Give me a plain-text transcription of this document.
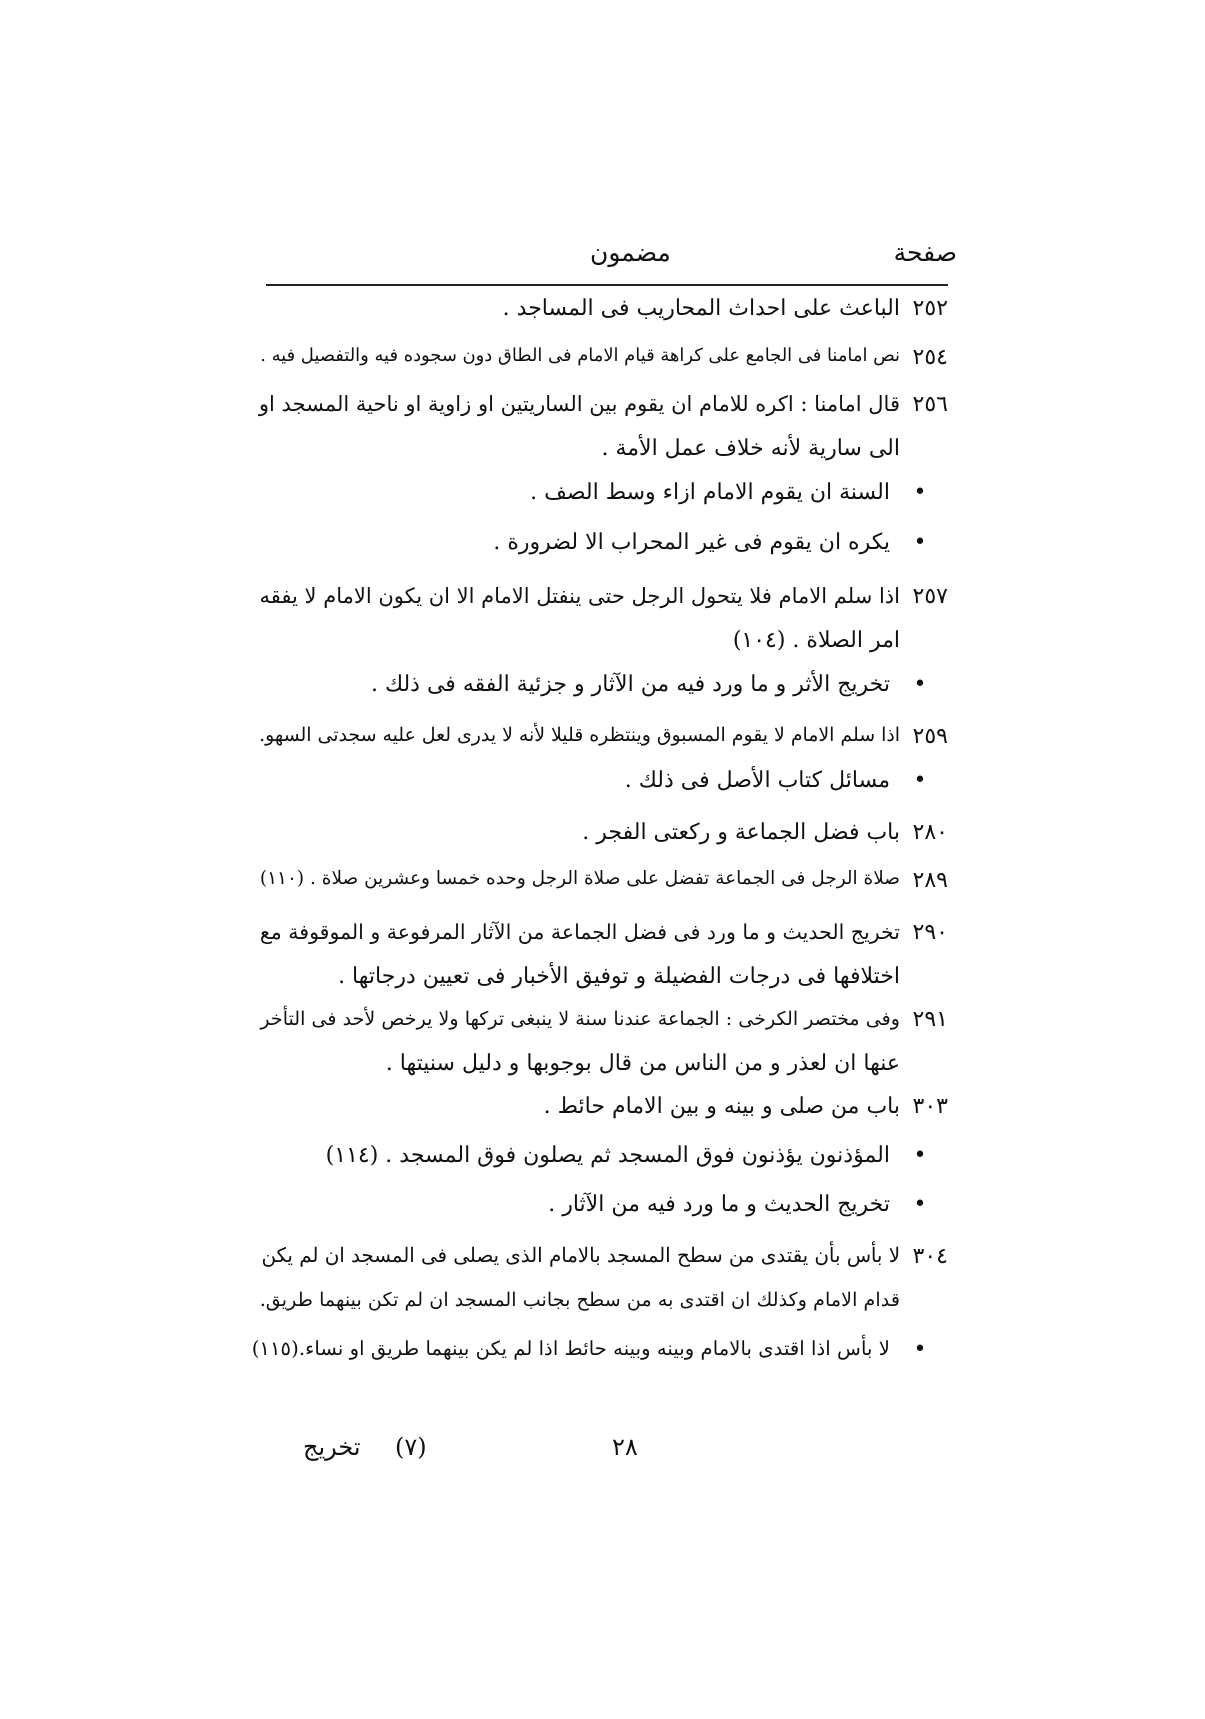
صفحة
مضمون
٢٥٢
الباعث على احداث المحاريب فى المساجد .
٢٥٤
نص امامنا فى الجامع على كراهة قيام الامام فى الطاق دون سجوده فيه والتفصيل فيه .
٢٥٦
قال امامنا : اكره للامام ان يقوم بين الساريتين او زاوية او ناحية المسجد او
الى سارية لأنه خلاف عمل الأمة .
•
السنة ان يقوم الامام ازاء وسط الصف .
•
يكره ان يقوم فى غير المحراب الا لضرورة .
٢٥٧
اذا سلم الامام فلا يتحول الرجل حتى ينفتل الامام الا ان يكون الامام لا يفقه
امر الصلاة . (١٠٤)
•
تخريج الأثر و ما ورد فيه من الآثار و جزئية الفقه فى ذلك .
٢٥٩
اذا سلم الامام لا يقوم المسبوق وينتظره قليلا لأنه لا يدرى لعل عليه سجدتى السهو.
•
مسائل كتاب الأصل فى ذلك .
٢٨٠
باب فضل الجماعة و ركعتى الفجر .
٢٨٩
صلاة الرجل فى الجماعة تفضل على صلاة الرجل وحده خمسا وعشرين صلاة . (١١٠)
٢٩٠
تخريج الحديث و ما ورد فى فضل الجماعة من الآثار المرفوعة و الموقوفة مع
اختلافها فى درجات الفضيلة و توفيق الأخبار فى تعيين درجاتها .
٢٩١
وفى مختصر الكرخى : الجماعة عندنا سنة لا ينبغى تركها ولا يرخص لأحد فى التأخر
عنها ان لعذر و من الناس من قال بوجوبها و دليل سنيتها .
٣٠٣
باب من صلى و بينه و بين الامام حائط .
•
المؤذنون يؤذنون فوق المسجد ثم يصلون فوق المسجد . (١١٤)
•
تخريج الحديث و ما ورد فيه من الآثار .
٣٠٤
لا بأس بأن يقتدى من سطح المسجد بالامام الذى يصلى فى المسجد ان لم يكن
قدام الامام وكذلك ان اقتدى به من سطح بجانب المسجد ان لم تكن بينهما طريق.
•
لا بأس اذا اقتدى بالامام وبينه وبينه حائط اذا لم يكن بينهما طريق او نساء.(١١٥)
٢٨
(٧)
تخريج
